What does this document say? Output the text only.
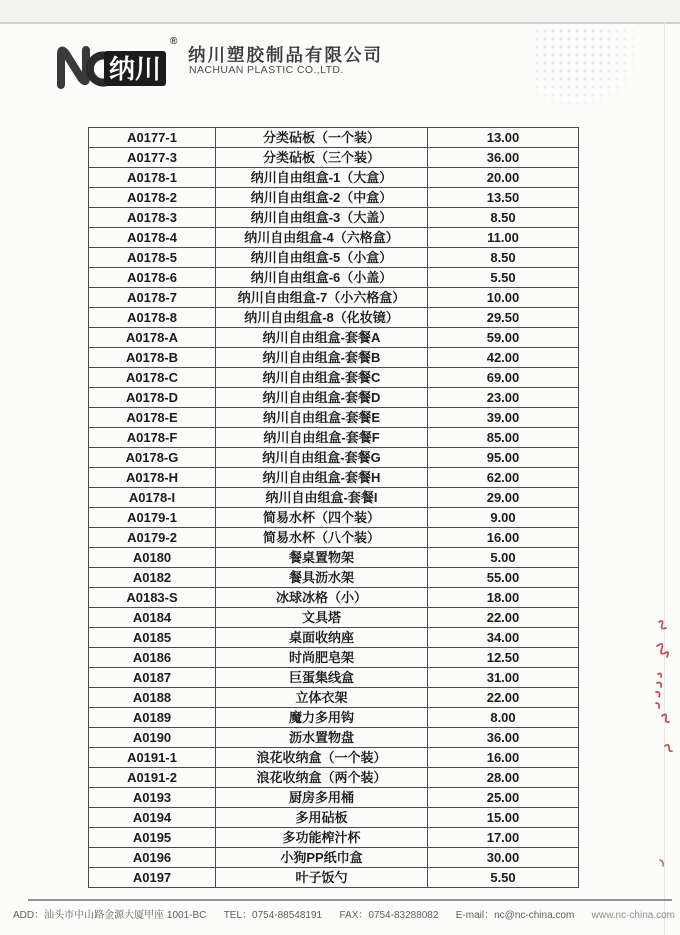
纳川
®
纳川塑胶制品有限公司
NACHUAN PLASTIC CO.,LTD.
A0177-1	分类砧板（一个装）	13.00
A0177-3	分类砧板（三个装）	36.00
A0178-1	纳川自由组盒-1（大盒）	20.00
A0178-2	纳川自由组盒-2（中盒）	13.50
A0178-3	纳川自由组盒-3（大盖）	8.50
A0178-4	纳川自由组盒-4（六格盒）	11.00
A0178-5	纳川自由组盒-5（小盒）	8.50
A0178-6	纳川自由组盒-6（小盖）	5.50
A0178-7	纳川自由组盒-7（小六格盒）	10.00
A0178-8	纳川自由组盒-8（化妆镜）	29.50
A0178-A	纳川自由组盒-套餐A	59.00
A0178-B	纳川自由组盒-套餐B	42.00
A0178-C	纳川自由组盒-套餐C	69.00
A0178-D	纳川自由组盒-套餐D	23.00
A0178-E	纳川自由组盒-套餐E	39.00
A0178-F	纳川自由组盒-套餐F	85.00
A0178-G	纳川自由组盒-套餐G	95.00
A0178-H	纳川自由组盒-套餐H	62.00
A0178-I	纳川自由组盒-套餐I	29.00
A0179-1	简易水杯（四个装）	9.00
A0179-2	简易水杯（八个装）	16.00
A0180	餐桌置物架	5.00
A0182	餐具沥水架	55.00
A0183-S	冰球冰格（小）	18.00
A0184	文具塔	22.00
A0185	桌面收纳座	34.00
A0186	时尚肥皂架	12.50
A0187	巨蛋集线盒	31.00
A0188	立体衣架	22.00
A0189	魔力多用钩	8.00
A0190	沥水置物盘	36.00
A0191-1	浪花收纳盒（一个装）	16.00
A0191-2	浪花收纳盒（两个装）	28.00
A0193	厨房多用桶	25.00
A0194	多用砧板	15.00
A0195	多功能榨汁杯	17.00
A0196	小狗PP纸巾盒	30.00
A0197	叶子饭勺	5.50
ADD：汕头市中山路金源大厦甲座 1001-BC TEL：0754-88548191 FAX：0754-83288082 E-mail：nc@nc-china.com www.nc-china.com
